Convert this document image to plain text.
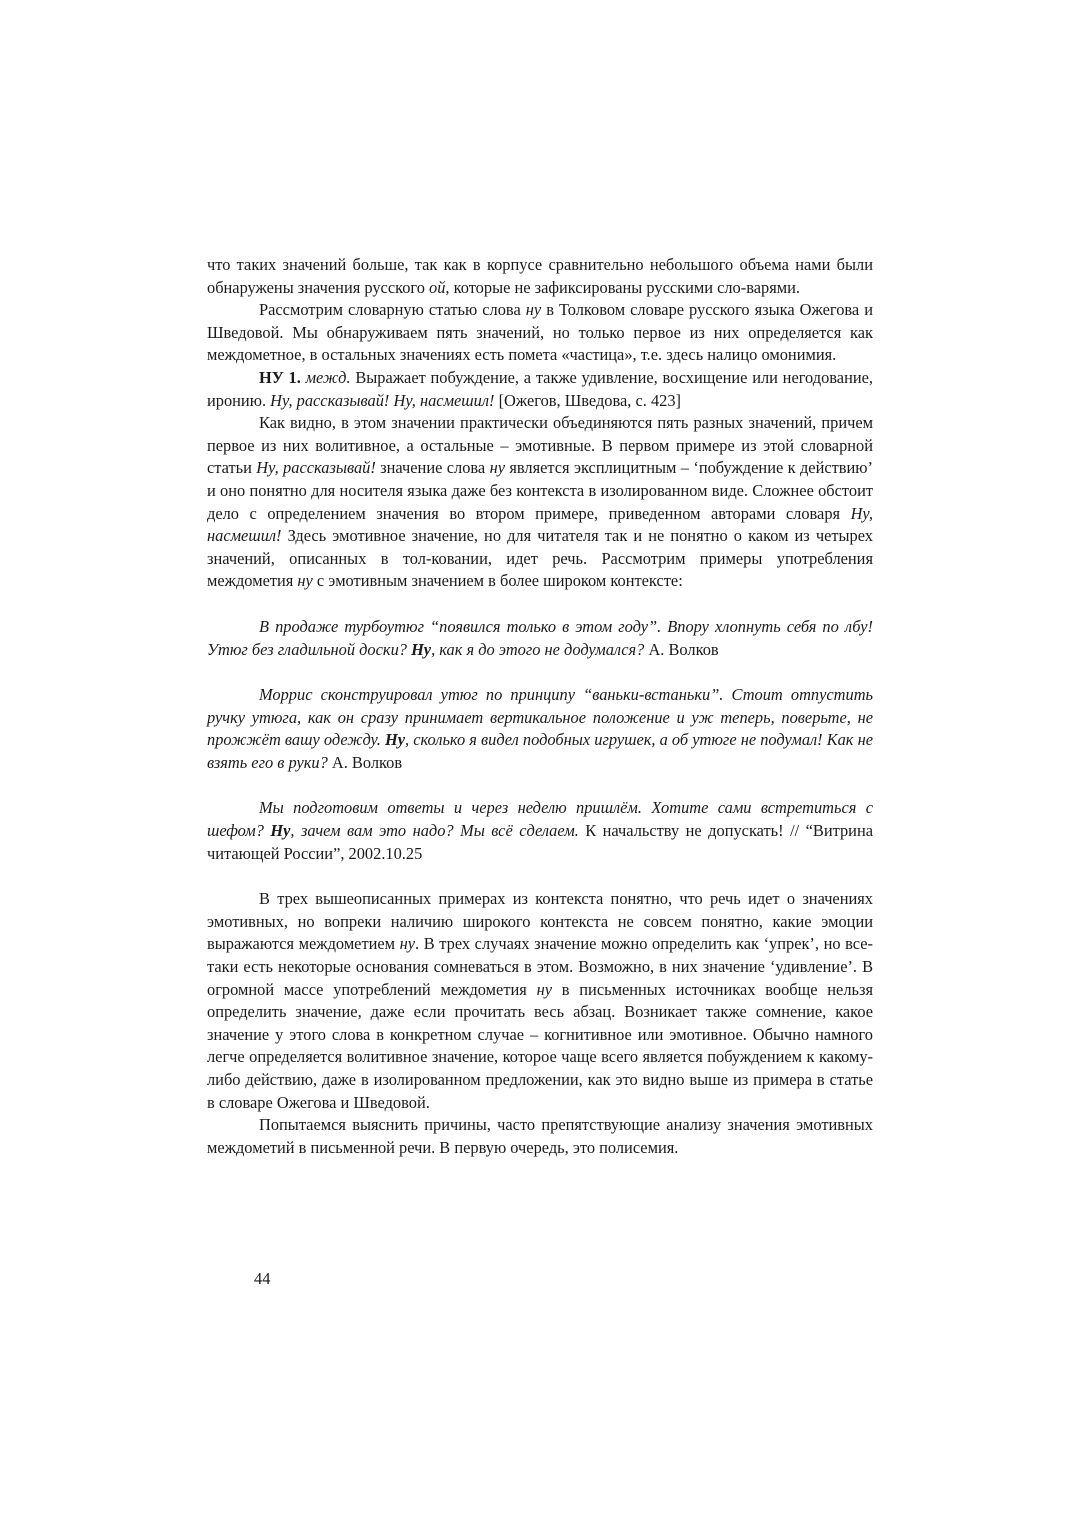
что таких значений больше, так как в корпусе сравнительно небольшого объема нами были обнаружены значения русского ой, которые не зафиксированы русскими сло-варями.

Рассмотрим словарную статью слова ну в Толковом словаре русского языка Ожегова и Шведовой. Мы обнаруживаем пять значений, но только первое из них определяется как междометное, в остальных значениях есть помета «частица», т.е. здесь налицо омонимия.

НУ 1. межд. Выражает побуждение, а также удивление, восхищение или негодование, иронию. Ну, рассказывай! Ну, насмешил! [Ожегов, Шведова, с. 423]

Как видно, в этом значении практически объединяются пять разных значений, причем первое из них волитивное, а остальные – эмотивные. В первом примере из этой словарной статьи Ну, рассказывай! значение слова ну является эксплицитным – ‘побуждение к действию’ и оно понятно для носителя языка даже без контекста в изолированном виде. Сложнее обстоит дело с определением значения во втором примере, приведенном авторами словаря Ну, насмешил! Здесь эмотивное значение, но для читателя так и не понятно о каком из четырех значений, описанных в тол-ковании, идет речь. Рассмотрим примеры употребления междометия ну с эмотивным значением в более широком контексте:

В продаже турбоутюг “появился только в этом году”. Впору хлопнуть себя по лбу! Утюг без гладильной доски? Ну, как я до этого не додумался? А. Волков

Моррис сконструировал утюг по принципу “ваньки-встаньки”. Стоит отпустить ручку утюга, как он сразу принимает вертикальное положение и уж теперь, поверьте, не прожжёт вашу одежду. Ну, сколько я видел подобных игрушек, а об утюге не подумал! Как не взять его в руки? А. Волков

Мы подготовим ответы и через неделю пришлём. Хотите сами встретиться с шефом? Ну, зачем вам это надо? Мы всё сделаем. К начальству не допускать! // “Витрина читающей России”, 2002.10.25

В трех вышеописанных примерах из контекста понятно, что речь идет о значениях эмотивных, но вопреки наличию широкого контекста не совсем понятно, какие эмоции выражаются междометием ну. В трех случаях значение можно определить как ‘упрек’, но все-таки есть некоторые основания сомневаться в этом. Возможно, в них значение ‘удивление’. В огромной массе употреблений междометия ну в письменных источниках вообще нельзя определить значение, даже если прочитать весь абзац. Возникает также сомнение, какое значение у этого слова в конкретном случае – когнитивное или эмотивное. Обычно намного легче определяется волитивное значение, которое чаще всего является побуждением к какому-либо действию, даже в изолированном предложении, как это видно выше из примера в статье в словаре Ожегова и Шведовой.

Попытаемся выяснить причины, часто препятствующие анализу значения эмотивных междометий в письменной речи. В первую очередь, это полисемия.

44
